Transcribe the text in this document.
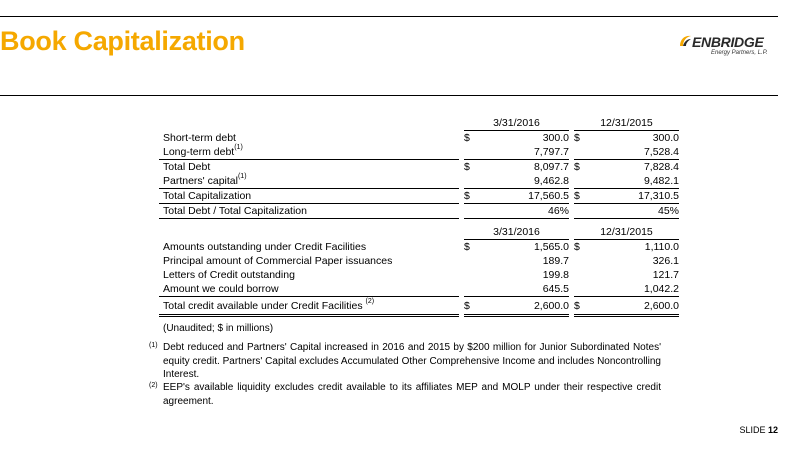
Book Capitalization	ENBRIDGE
Energy Partners, L.P.
		3/31/2016			12/31/2015	
Short-term debt		$	300.0		$	300.0
Long-term debt$^{(1)}$			7,797.7			7,528.4
Total Debt		$	8,097.7		$	7,828.4
Partners' capital$^{(1)}$			9,462.8			9,482.1
Total Capitalization		$	17,560.5		$	17,310.5
Total Debt / Total Capitalization			46%			45%
		3/31/2016			12/31/2015	
Amounts outstanding under Credit Facilities		$	1,565.0		$	1,110.0
Principal amount of Commercial Paper issuances			189.7			326.1
Letters of Credit outstanding			199.8			121.7
Amount we could borrow			645.5			1,042.2
Total credit available under Credit Facilities $^{(2)}$		$	2,600.0		$	2,600.0
(Unaudited; $ in millions)
(1) Debt reduced and Partners' Capital increased in 2016 and 2015 by $200 million for Junior Subordinated Notes' equity credit. Partners' Capital excludes Accumulated Other Comprehensive Income and includes Noncontrolling Interest.
(2) EEP's available liquidity excludes credit available to its affiliates MEP and MOLP under their respective credit agreement.
SLIDE 12
